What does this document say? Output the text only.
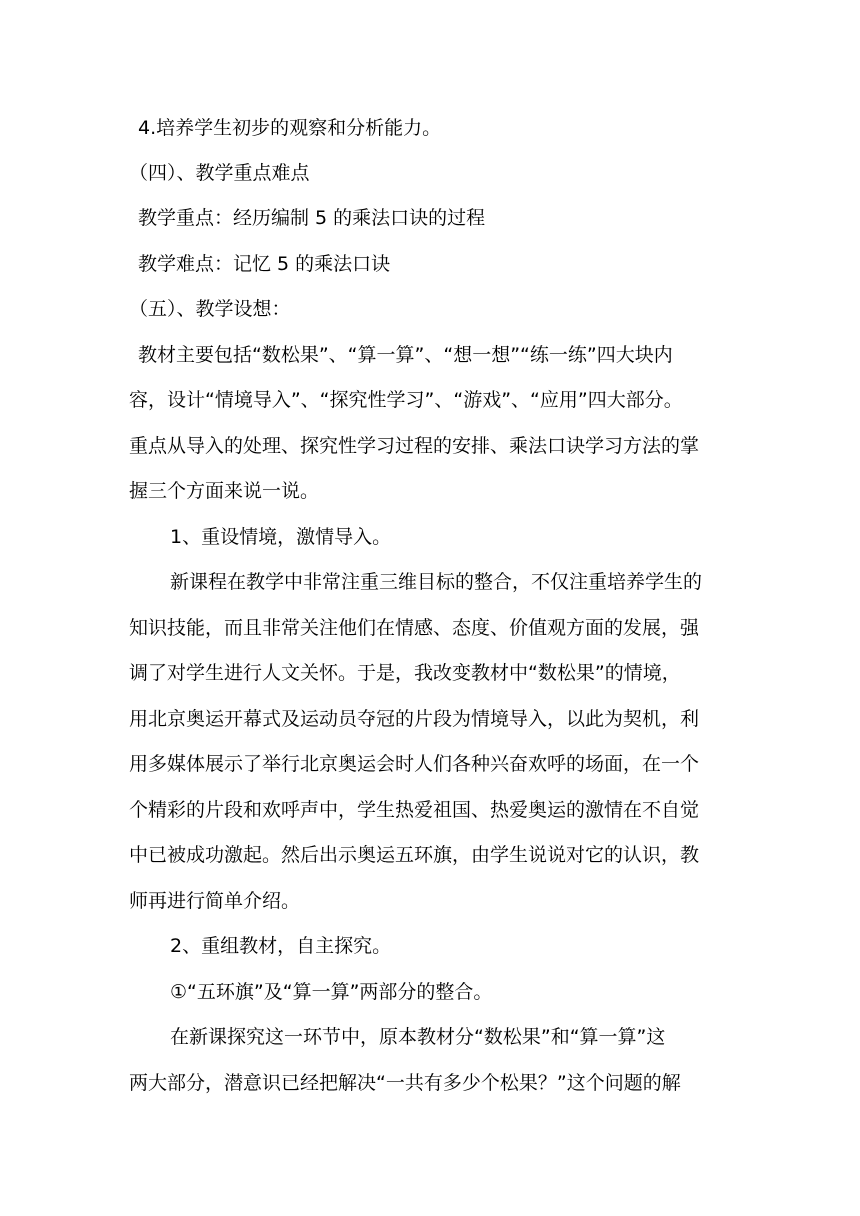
4.培养学生初步的观察和分析能力。
（四）、教学重点难点
教学重点：经历编制 5 的乘法口诀的过程
教学难点：记忆 5 的乘法口诀
（五）、教学设想：
教材主要包括“数松果”、“算一算”、“想一想”“练一练”四大块内
容，设计“情境导入”、“探究性学习”、“游戏”、“应用”四大部分。
重点从导入的处理、探究性学习过程的安排、乘法口诀学习方法的掌
握三个方面来说一说。
1、重设情境，激情导入。
新课程在教学中非常注重三维目标的整合，不仅注重培养学生的
知识技能，而且非常关注他们在情感、态度、价值观方面的发展，强
调了对学生进行人文关怀。于是，我改变教材中“数松果”的情境，
用北京奥运开幕式及运动员夺冠的片段为情境导入，以此为契机，利
用多媒体展示了举行北京奥运会时人们各种兴奋欢呼的场面，在一个
个精彩的片段和欢呼声中，学生热爱祖国、热爱奥运的激情在不自觉
中已被成功激起。然后出示奥运五环旗，由学生说说对它的认识，教
师再进行简单介绍。
2、重组教材，自主探究。
①“五环旗”及“算一算”两部分的整合。
在新课探究这一环节中，原本教材分“数松果”和“算一算”这
两大部分，潜意识已经把解决“一共有多少个松果？”这个问题的解
